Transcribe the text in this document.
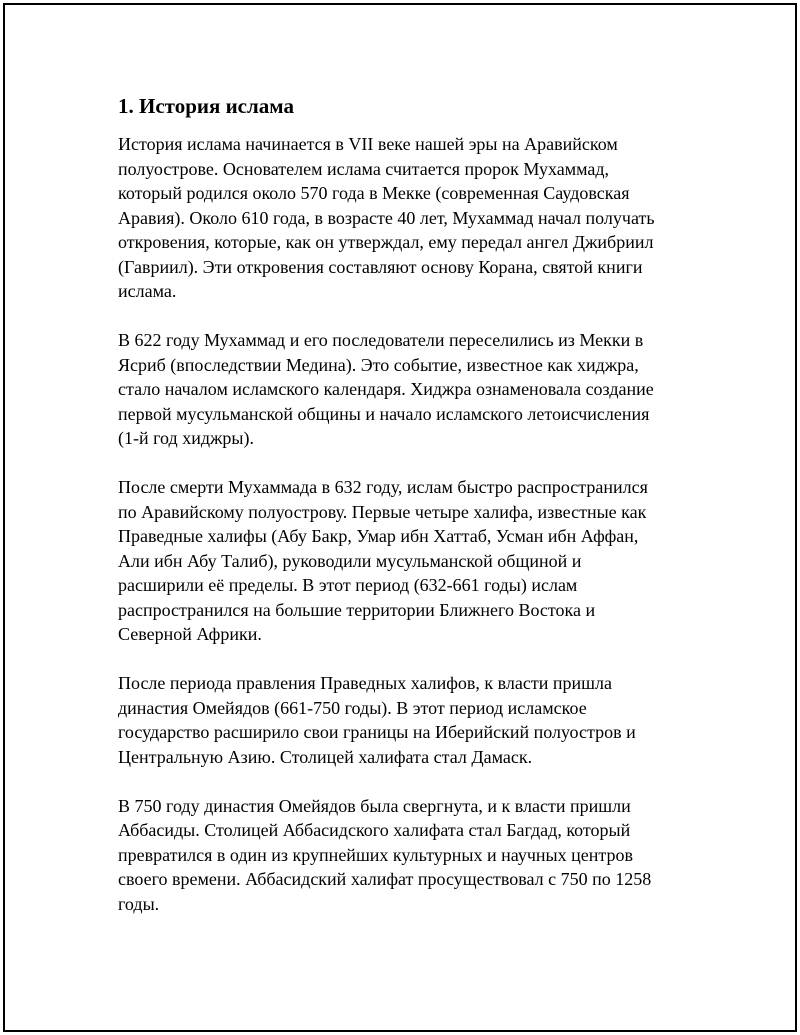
1. История ислама

История ислама начинается в VII веке нашей эры на Аравийском
полуострове. Основателем ислама считается пророк Мухаммад,
который родился около 570 года в Мекке (современная Саудовская
Аравия). Около 610 года, в возрасте 40 лет, Мухаммад начал получать
откровения, которые, как он утверждал, ему передал ангел Джибриил
(Гавриил). Эти откровения составляют основу Корана, святой книги
ислама.

В 622 году Мухаммад и его последователи переселились из Мекки в
Ясриб (впоследствии Медина). Это событие, известное как хиджра,
стало началом исламского календаря. Хиджра ознаменовала создание
первой мусульманской общины и начало исламского летоисчисления
(1-й год хиджры).

После смерти Мухаммада в 632 году, ислам быстро распространился
по Аравийскому полуострову. Первые четыре халифа, известные как
Праведные халифы (Абу Бакр, Умар ибн Хаттаб, Усман ибн Аффан,
Али ибн Абу Талиб), руководили мусульманской общиной и
расширили её пределы. В этот период (632-661 годы) ислам
распространился на большие территории Ближнего Востока и
Северной Африки.

После периода правления Праведных халифов, к власти пришла
династия Омейядов (661-750 годы). В этот период исламское
государство расширило свои границы на Иберийский полуостров и
Центральную Азию. Столицей халифата стал Дамаск.

В 750 году династия Омейядов была свергнута, и к власти пришли
Аббасиды. Столицей Аббасидского халифата стал Багдад, который
превратился в один из крупнейших культурных и научных центров
своего времени. Аббасидский халифат просуществовал с 750 по 1258
годы.
